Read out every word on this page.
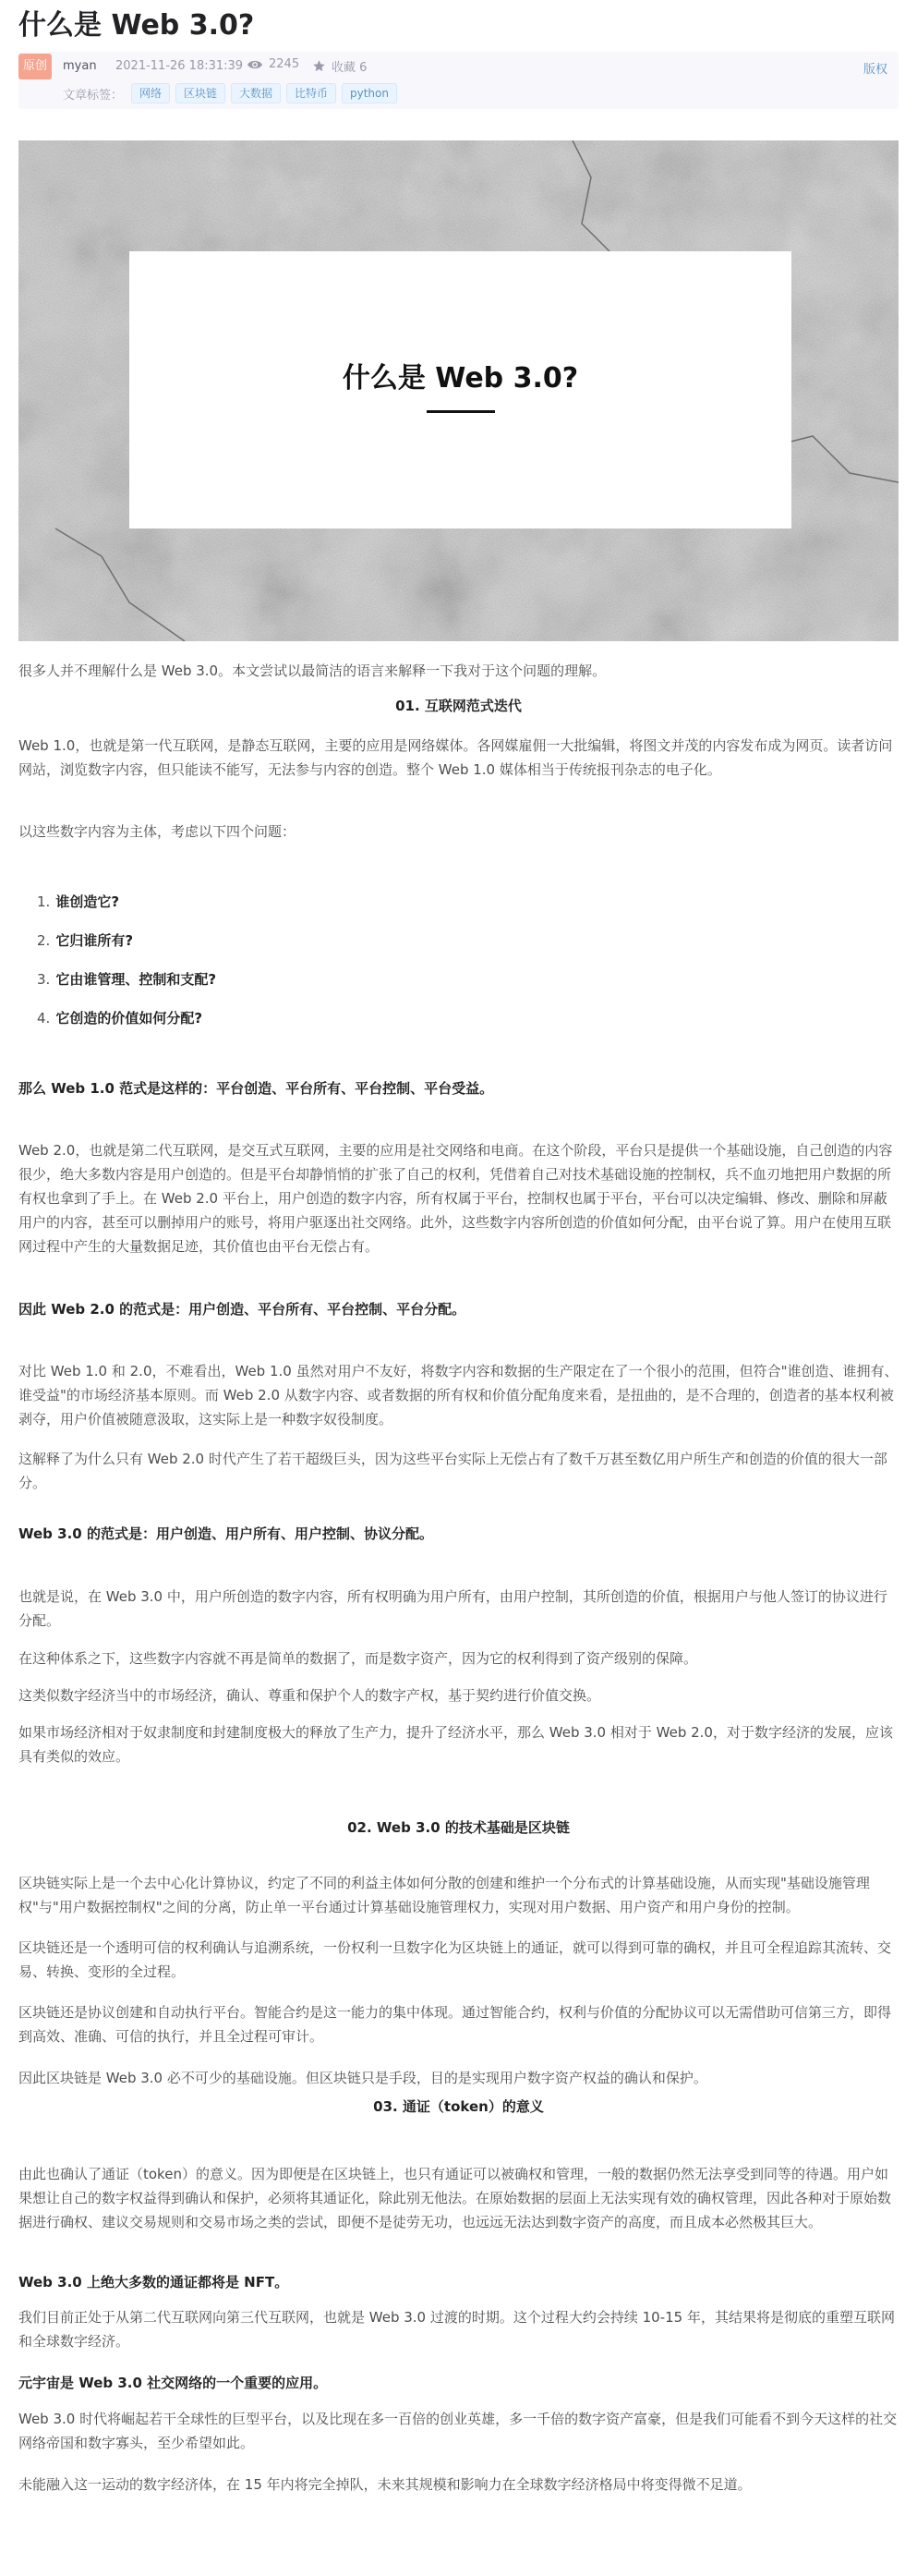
什么是 Web 3.0?
原创	myan 2021-11-26 18:31:39 2245	收藏 6	版权
文章标签：	网络	区块链	大数据	比特币	python
什么是 Web 3.0?

很多人并不理解什么是 Web 3.0。本文尝试以最简洁的语言来解释一下我对于这个问题的理解。

01. 互联网范式迭代

Web 1.0，也就是第一代互联网，是静态互联网，主要的应用是网络媒体。各网媒雇佣一大批编辑，将图文并茂的内容发布成为网页。读者访问网站，浏览数字内容，但只能读不能写，无法参与内容的创造。整个 Web 1.0 媒体相当于传统报刊杂志的电子化。

以这些数字内容为主体，考虑以下四个问题：

1. 谁创造它?
2. 它归谁所有?
3. 它由谁管理、控制和支配?
4. 它创造的价值如何分配?

那么 Web 1.0 范式是这样的：平台创造、平台所有、平台控制、平台受益。

Web 2.0，也就是第二代互联网，是交互式互联网，主要的应用是社交网络和电商。在这个阶段，平台只是提供一个基础设施，自己创造的内容很少，绝大多数内容是用户创造的。但是平台却静悄悄的扩张了自己的权利，凭借着自己对技术基础设施的控制权，兵不血刃地把用户数据的所有权也拿到了手上。在 Web 2.0 平台上，用户创造的数字内容，所有权属于平台，控制权也属于平台，平台可以决定编辑、修改、删除和屏蔽用户的内容，甚至可以删掉用户的账号，将用户驱逐出社交网络。此外，这些数字内容所创造的价值如何分配，由平台说了算。用户在使用互联网过程中产生的大量数据足迹，其价值也由平台无偿占有。

因此 Web 2.0 的范式是：用户创造、平台所有、平台控制、平台分配。

对比 Web 1.0 和 2.0，不难看出，Web 1.0 虽然对用户不友好，将数字内容和数据的生产限定在了一个很小的范围，但符合"谁创造、谁拥有、谁受益"的市场经济基本原则。而 Web 2.0 从数字内容、或者数据的所有权和价值分配角度来看，是扭曲的，是不合理的，创造者的基本权利被剥夺，用户价值被随意汲取，这实际上是一种数字奴役制度。

这解释了为什么只有 Web 2.0 时代产生了若干超级巨头，因为这些平台实际上无偿占有了数千万甚至数亿用户所生产和创造的价值的很大一部分。

Web 3.0 的范式是：用户创造、用户所有、用户控制、协议分配。

也就是说，在 Web 3.0 中，用户所创造的数字内容，所有权明确为用户所有，由用户控制，其所创造的价值，根据用户与他人签订的协议进行分配。

在这种体系之下，这些数字内容就不再是简单的数据了，而是数字资产，因为它的权利得到了资产级别的保障。

这类似数字经济当中的市场经济，确认、尊重和保护个人的数字产权，基于契约进行价值交换。

如果市场经济相对于奴隶制度和封建制度极大的释放了生产力，提升了经济水平，那么 Web 3.0 相对于 Web 2.0，对于数字经济的发展，应该具有类似的效应。

02. Web 3.0 的技术基础是区块链

区块链实际上是一个去中心化计算协议，约定了不同的利益主体如何分散的创建和维护一个分布式的计算基础设施，从而实现"基础设施管理权"与"用户数据控制权"之间的分离，防止单一平台通过计算基础设施管理权力，实现对用户数据、用户资产和用户身份的控制。

区块链还是一个透明可信的权利确认与追溯系统，一份权利一旦数字化为区块链上的通证，就可以得到可靠的确权，并且可全程追踪其流转、交易、转换、变形的全过程。

区块链还是协议创建和自动执行平台。智能合约是这一能力的集中体现。通过智能合约，权利与价值的分配协议可以无需借助可信第三方，即得到高效、准确、可信的执行，并且全过程可审计。

因此区块链是 Web 3.0 必不可少的基础设施。但区块链只是手段，目的是实现用户数字资产权益的确认和保护。

03. 通证（token）的意义

由此也确认了通证（token）的意义。因为即便是在区块链上，也只有通证可以被确权和管理，一般的数据仍然无法享受到同等的待遇。用户如果想让自己的数字权益得到确认和保护，必须将其通证化，除此别无他法。在原始数据的层面上无法实现有效的确权管理，因此各种对于原始数据进行确权、建议交易规则和交易市场之类的尝试，即便不是徒劳无功，也远远无法达到数字资产的高度，而且成本必然极其巨大。

Web 3.0 上绝大多数的通证都将是 NFT。

我们目前正处于从第二代互联网向第三代互联网，也就是 Web 3.0 过渡的时期。这个过程大约会持续 10-15 年，其结果将是彻底的重塑互联网和全球数字经济。

元宇宙是 Web 3.0 社交网络的一个重要的应用。

Web 3.0 时代将崛起若干全球性的巨型平台，以及比现在多一百倍的创业英雄，多一千倍的数字资产富豪，但是我们可能看不到今天这样的社交网络帝国和数字寡头，至少希望如此。

未能融入这一运动的数字经济体，在 15 年内将完全掉队，未来其规模和影响力在全球数字经济格局中将变得微不足道。
